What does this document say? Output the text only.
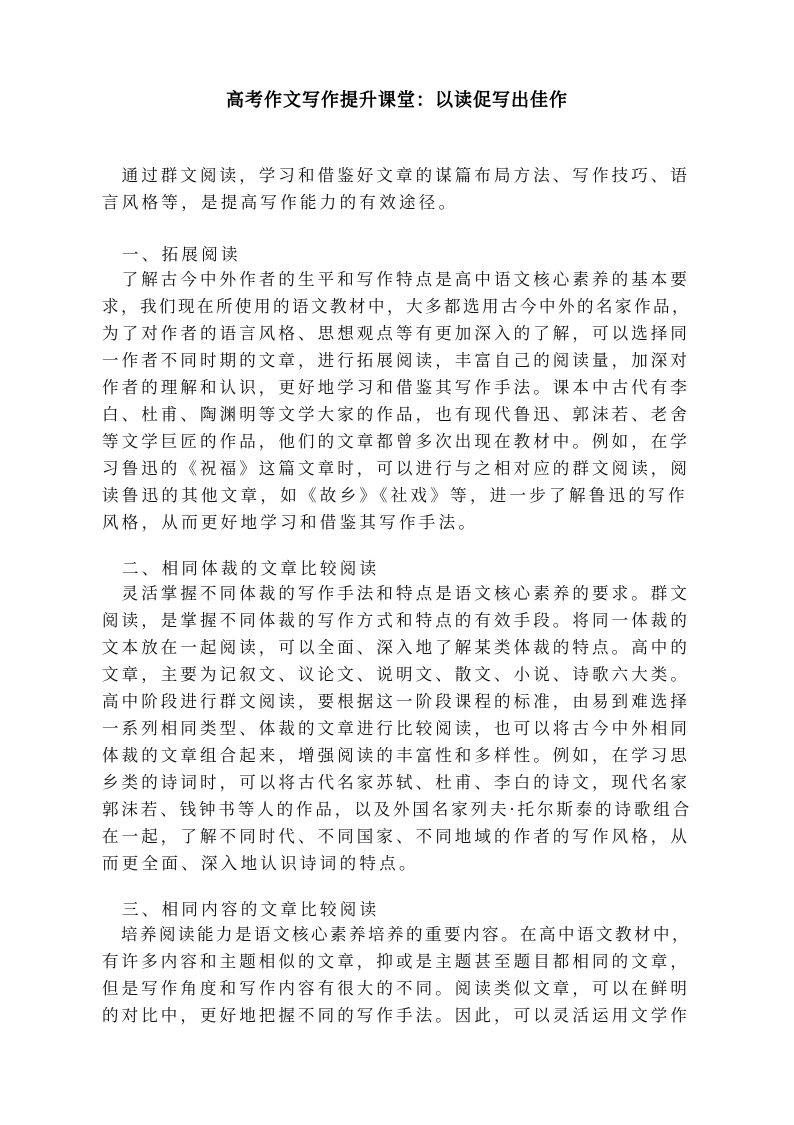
高考作文写作提升课堂：以读促写出佳作
　通过群文阅读，学习和借鉴好文章的谋篇布局方法、写作技巧、语
言风格等，是提高写作能力的有效途径。
一、拓展阅读
　了解古今中外作者的生平和写作特点是高中语文核心素养的基本要
求，我们现在所使用的语文教材中，大多都选用古今中外的名家作品，
为了对作者的语言风格、思想观点等有更加深入的了解，可以选择同
一作者不同时期的文章，进行拓展阅读，丰富自己的阅读量，加深对
作者的理解和认识，更好地学习和借鉴其写作手法。课本中古代有李
白、杜甫、陶渊明等文学大家的作品，也有现代鲁迅、郭沫若、老舍
等文学巨匠的作品，他们的文章都曾多次出现在教材中。例如，在学
习鲁迅的《祝福》这篇文章时，可以进行与之相对应的群文阅读，阅
读鲁迅的其他文章，如《故乡》《社戏》等，进一步了解鲁迅的写作
风格，从而更好地学习和借鉴其写作手法。
二、相同体裁的文章比较阅读
　灵活掌握不同体裁的写作手法和特点是语文核心素养的要求。群文
阅读，是掌握不同体裁的写作方式和特点的有效手段。将同一体裁的
文本放在一起阅读，可以全面、深入地了解某类体裁的特点。高中的
文章，主要为记叙文、议论文、说明文、散文、小说、诗歌六大类。
高中阶段进行群文阅读，要根据这一阶段课程的标准，由易到难选择
一系列相同类型、体裁的文章进行比较阅读，也可以将古今中外相同
体裁的文章组合起来，增强阅读的丰富性和多样性。例如，在学习思
乡类的诗词时，可以将古代名家苏轼、杜甫、李白的诗文，现代名家
郭沫若、钱钟书等人的作品，以及外国名家列夫·托尔斯泰的诗歌组合
在一起，了解不同时代、不同国家、不同地域的作者的写作风格，从
而更全面、深入地认识诗词的特点。
三、相同内容的文章比较阅读
　培养阅读能力是语文核心素养培养的重要内容。在高中语文教材中，
有许多内容和主题相似的文章，抑或是主题甚至题目都相同的文章，
但是写作角度和写作内容有很大的不同。阅读类似文章，可以在鲜明
的对比中，更好地把握不同的写作手法。因此，可以灵活运用文学作
